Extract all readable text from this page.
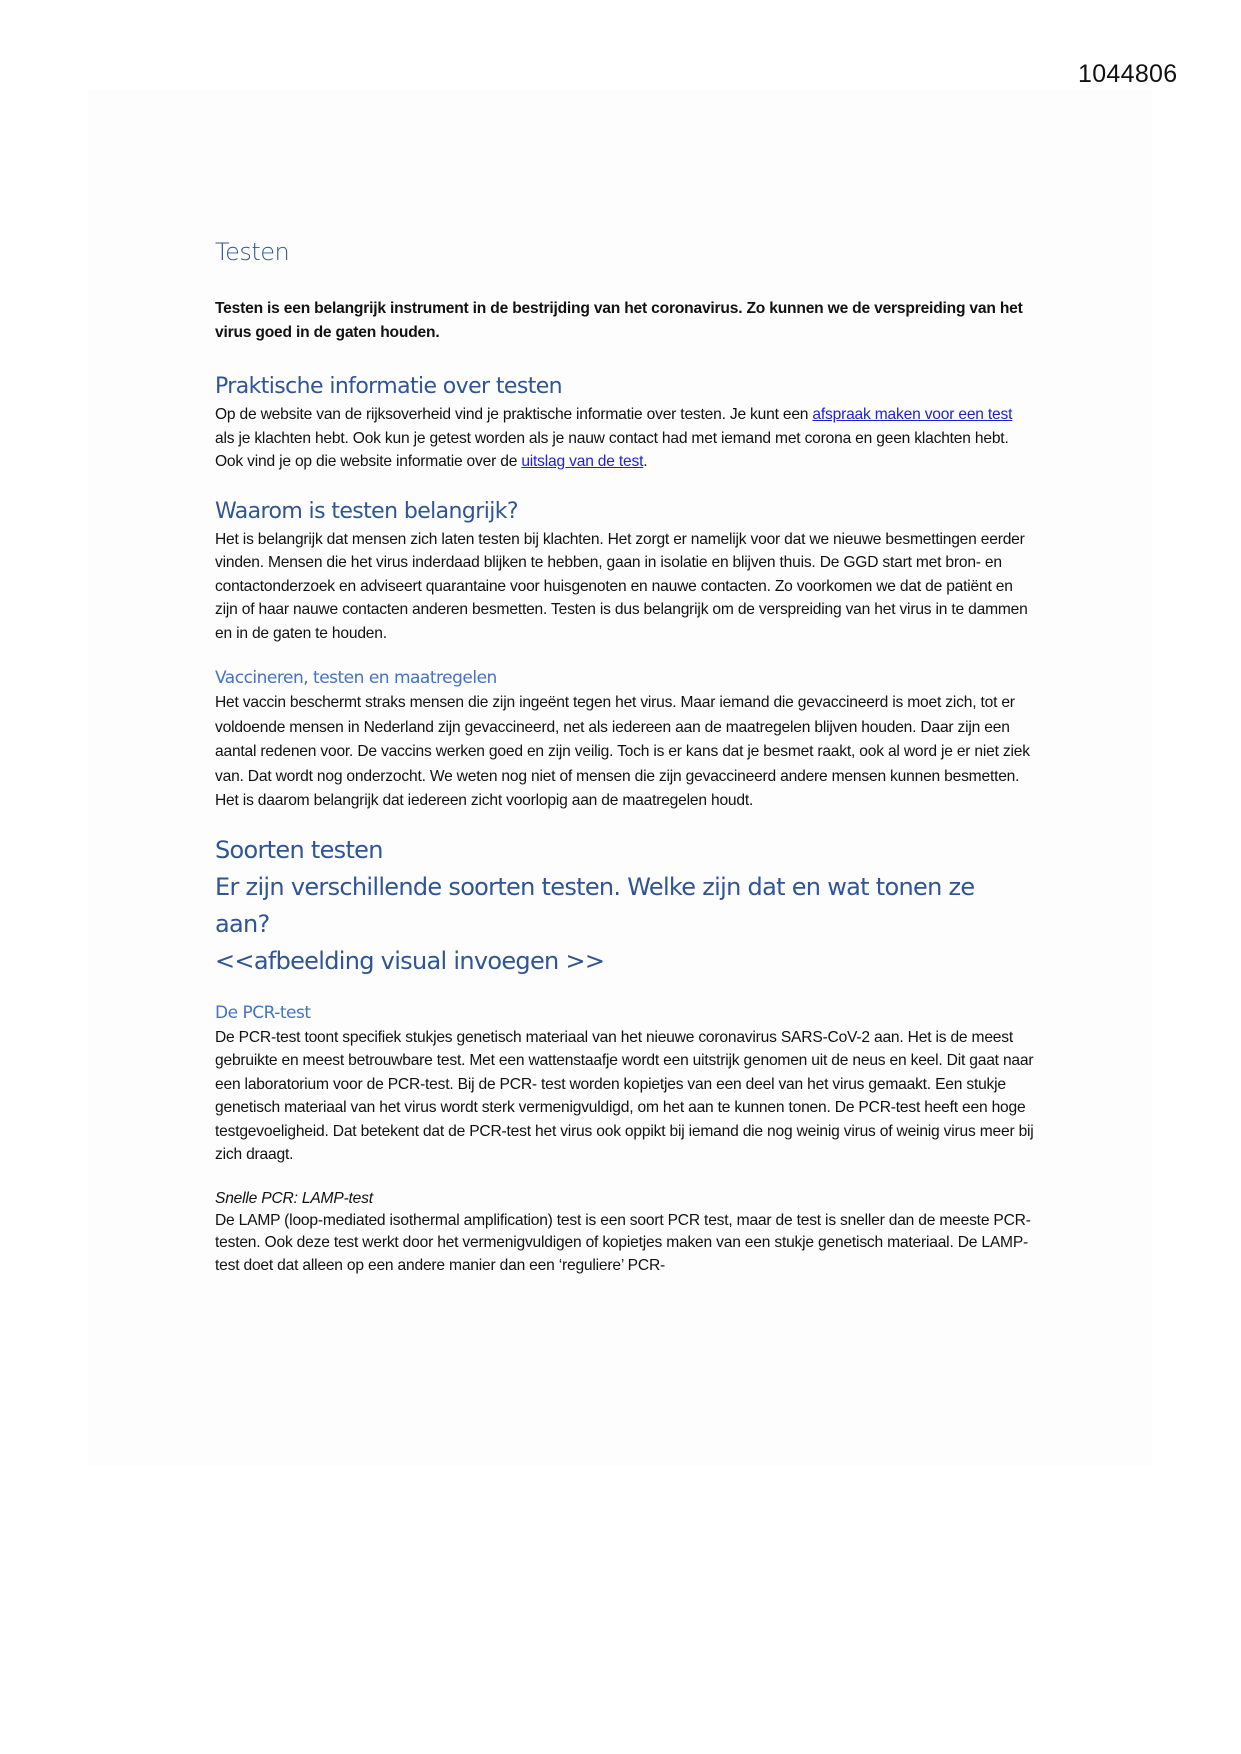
1044806
Testen

Testen is een belangrijk instrument in de bestrijding van het coronavirus. Zo kunnen we de verspreiding van het virus goed in de gaten houden.

Praktische informatie over testen

Op de website van de rijksoverheid vind je praktische informatie over testen. Je kunt een afspraak maken voor een test als je klachten hebt. Ook kun je getest worden als je nauw contact had met iemand met corona en geen klachten hebt. Ook vind je op die website informatie over de uitslag van de test.

Waarom is testen belangrijk?

Het is belangrijk dat mensen zich laten testen bij klachten. Het zorgt er namelijk voor dat we nieuwe besmettingen eerder vinden. Mensen die het virus inderdaad blijken te hebben, gaan in isolatie en blijven thuis. De GGD start met bron- en contactonderzoek en adviseert quarantaine voor huisgenoten en nauwe contacten. Zo voorkomen we dat de patiënt en zijn of haar nauwe contacten anderen besmetten. Testen is dus belangrijk om de verspreiding van het virus in te dammen en in de gaten te houden.

Vaccineren, testen en maatregelen

Het vaccin beschermt straks mensen die zijn ingeënt tegen het virus. Maar iemand die gevaccineerd is moet zich, tot er voldoende mensen in Nederland zijn gevaccineerd, net als iedereen aan de maatregelen blijven houden. Daar zijn een aantal redenen voor. De vaccins werken goed en zijn veilig. Toch is er kans dat je besmet raakt, ook al word je er niet ziek van. Dat wordt nog onderzocht. We weten nog niet of mensen die zijn gevaccineerd andere mensen kunnen besmetten. Het is daarom belangrijk dat iedereen zicht voorlopig aan de maatregelen houdt.

Soorten testen
Er zijn verschillende soorten testen. Welke zijn dat en wat tonen ze aan?
<<afbeelding visual invoegen >>
De PCR-test

De PCR-test toont specifiek stukjes genetisch materiaal van het nieuwe coronavirus SARS-CoV-2 aan. Het is de meest gebruikte en meest betrouwbare test. Met een wattenstaafje wordt een uitstrijk genomen uit de neus en keel. Dit gaat naar een laboratorium voor de PCR-test. Bij de PCR- test worden kopietjes van een deel van het virus gemaakt. Een stukje genetisch materiaal van het virus wordt sterk vermenigvuldigd, om het aan te kunnen tonen. De PCR-test heeft een hoge testgevoeligheid. Dat betekent dat de PCR-test het virus ook oppikt bij iemand die nog weinig virus of weinig virus meer bij zich draagt.

Snelle PCR: LAMP-test

De LAMP (loop-mediated isothermal amplification) test is een soort PCR test, maar de test is sneller dan de meeste PCR-testen. Ook deze test werkt door het vermenigvuldigen of kopietjes maken van een stukje genetisch materiaal. De LAMP-test doet dat alleen op een andere manier dan een ‘reguliere’ PCR-
